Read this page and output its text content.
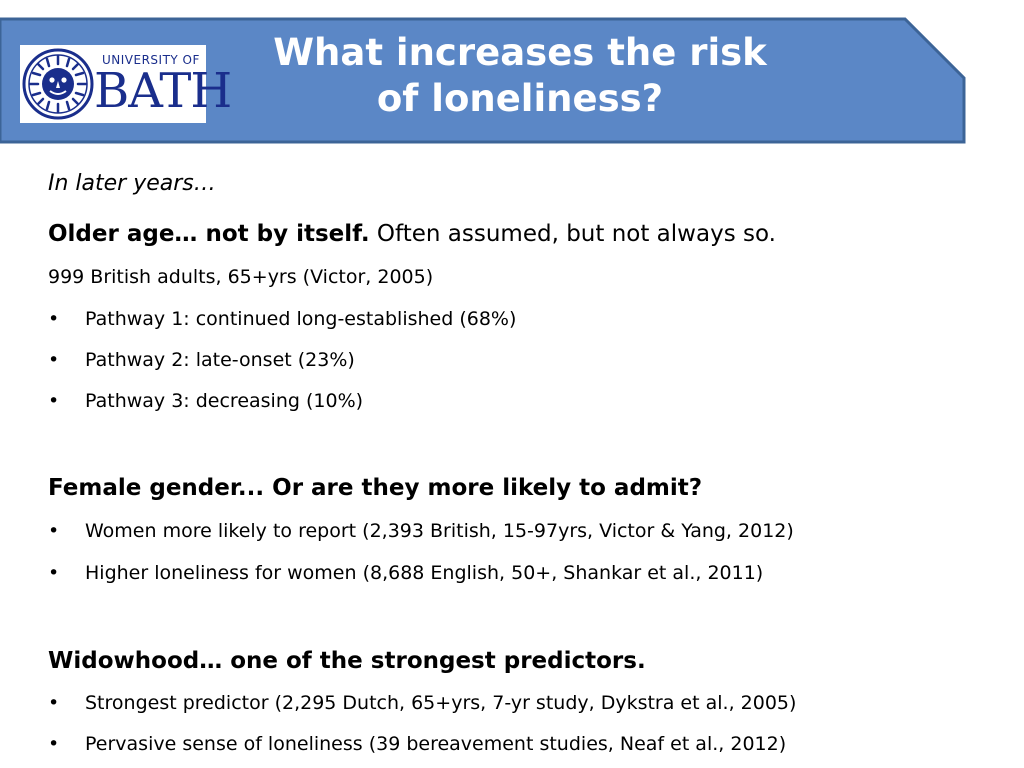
UNIVERSITY OF
BATH
What increases the risk
of loneliness?
In later years…
Older age… not by itself. Often assumed, but not always so.
999 British adults, 65+yrs (Victor, 2005)
• Pathway 1: continued long-established (68%)
• Pathway 2: late-onset (23%)
• Pathway 3: decreasing (10%)
Female gender... Or are they more likely to admit?
• Women more likely to report (2,393 British, 15-97yrs, Victor & Yang, 2012)
• Higher loneliness for women (8,688 English, 50+, Shankar et al., 2011)
Widowhood… one of the strongest predictors.
• Strongest predictor (2,295 Dutch, 65+yrs, 7-yr study, Dykstra et al., 2005)
• Pervasive sense of loneliness (39 bereavement studies, Neaf et al., 2012)
